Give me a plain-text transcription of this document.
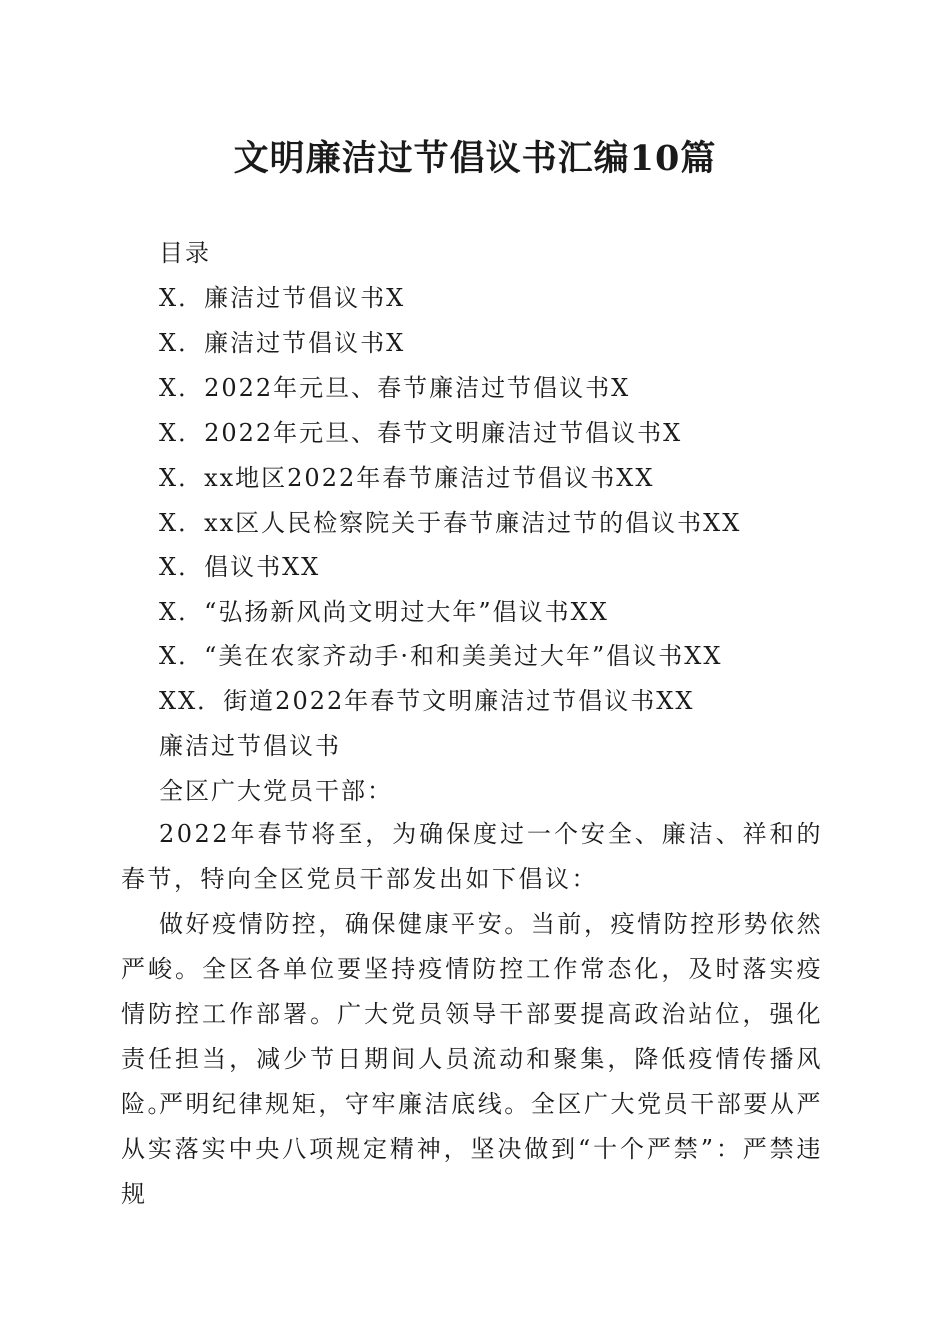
文明廉洁过节倡议书汇编10篇
目录
X．廉洁过节倡议书X
X．廉洁过节倡议书X
X．2022年元旦、春节廉洁过节倡议书X
X．2022年元旦、春节文明廉洁过节倡议书X
X．xx地区2022年春节廉洁过节倡议书XX
X．xx区人民检察院关于春节廉洁过节的倡议书XX
X．倡议书XX
X．“弘扬新风尚文明过大年”倡议书XX
X．“美在农家齐动手·和和美美过大年”倡议书XX
XX．街道2022年春节文明廉洁过节倡议书XX
廉洁过节倡议书
全区广大党员干部：

2022年春节将至，为确保度过一个安全、廉洁、祥和的春节，特向全区党员干部发出如下倡议：

做好疫情防控，确保健康平安。当前，疫情防控形势依然严峻。全区各单位要坚持疫情防控工作常态化，及时落实疫情防控工作部署。广大党员领导干部要提高政治站位，强化责任担当，减少节日期间人员流动和聚集，降低疫情传播风险。

严明纪律规矩，守牢廉洁底线。全区广大党员干部要从严从实落实中央八项规定精神，坚决做到“十个严禁”：严禁违规
